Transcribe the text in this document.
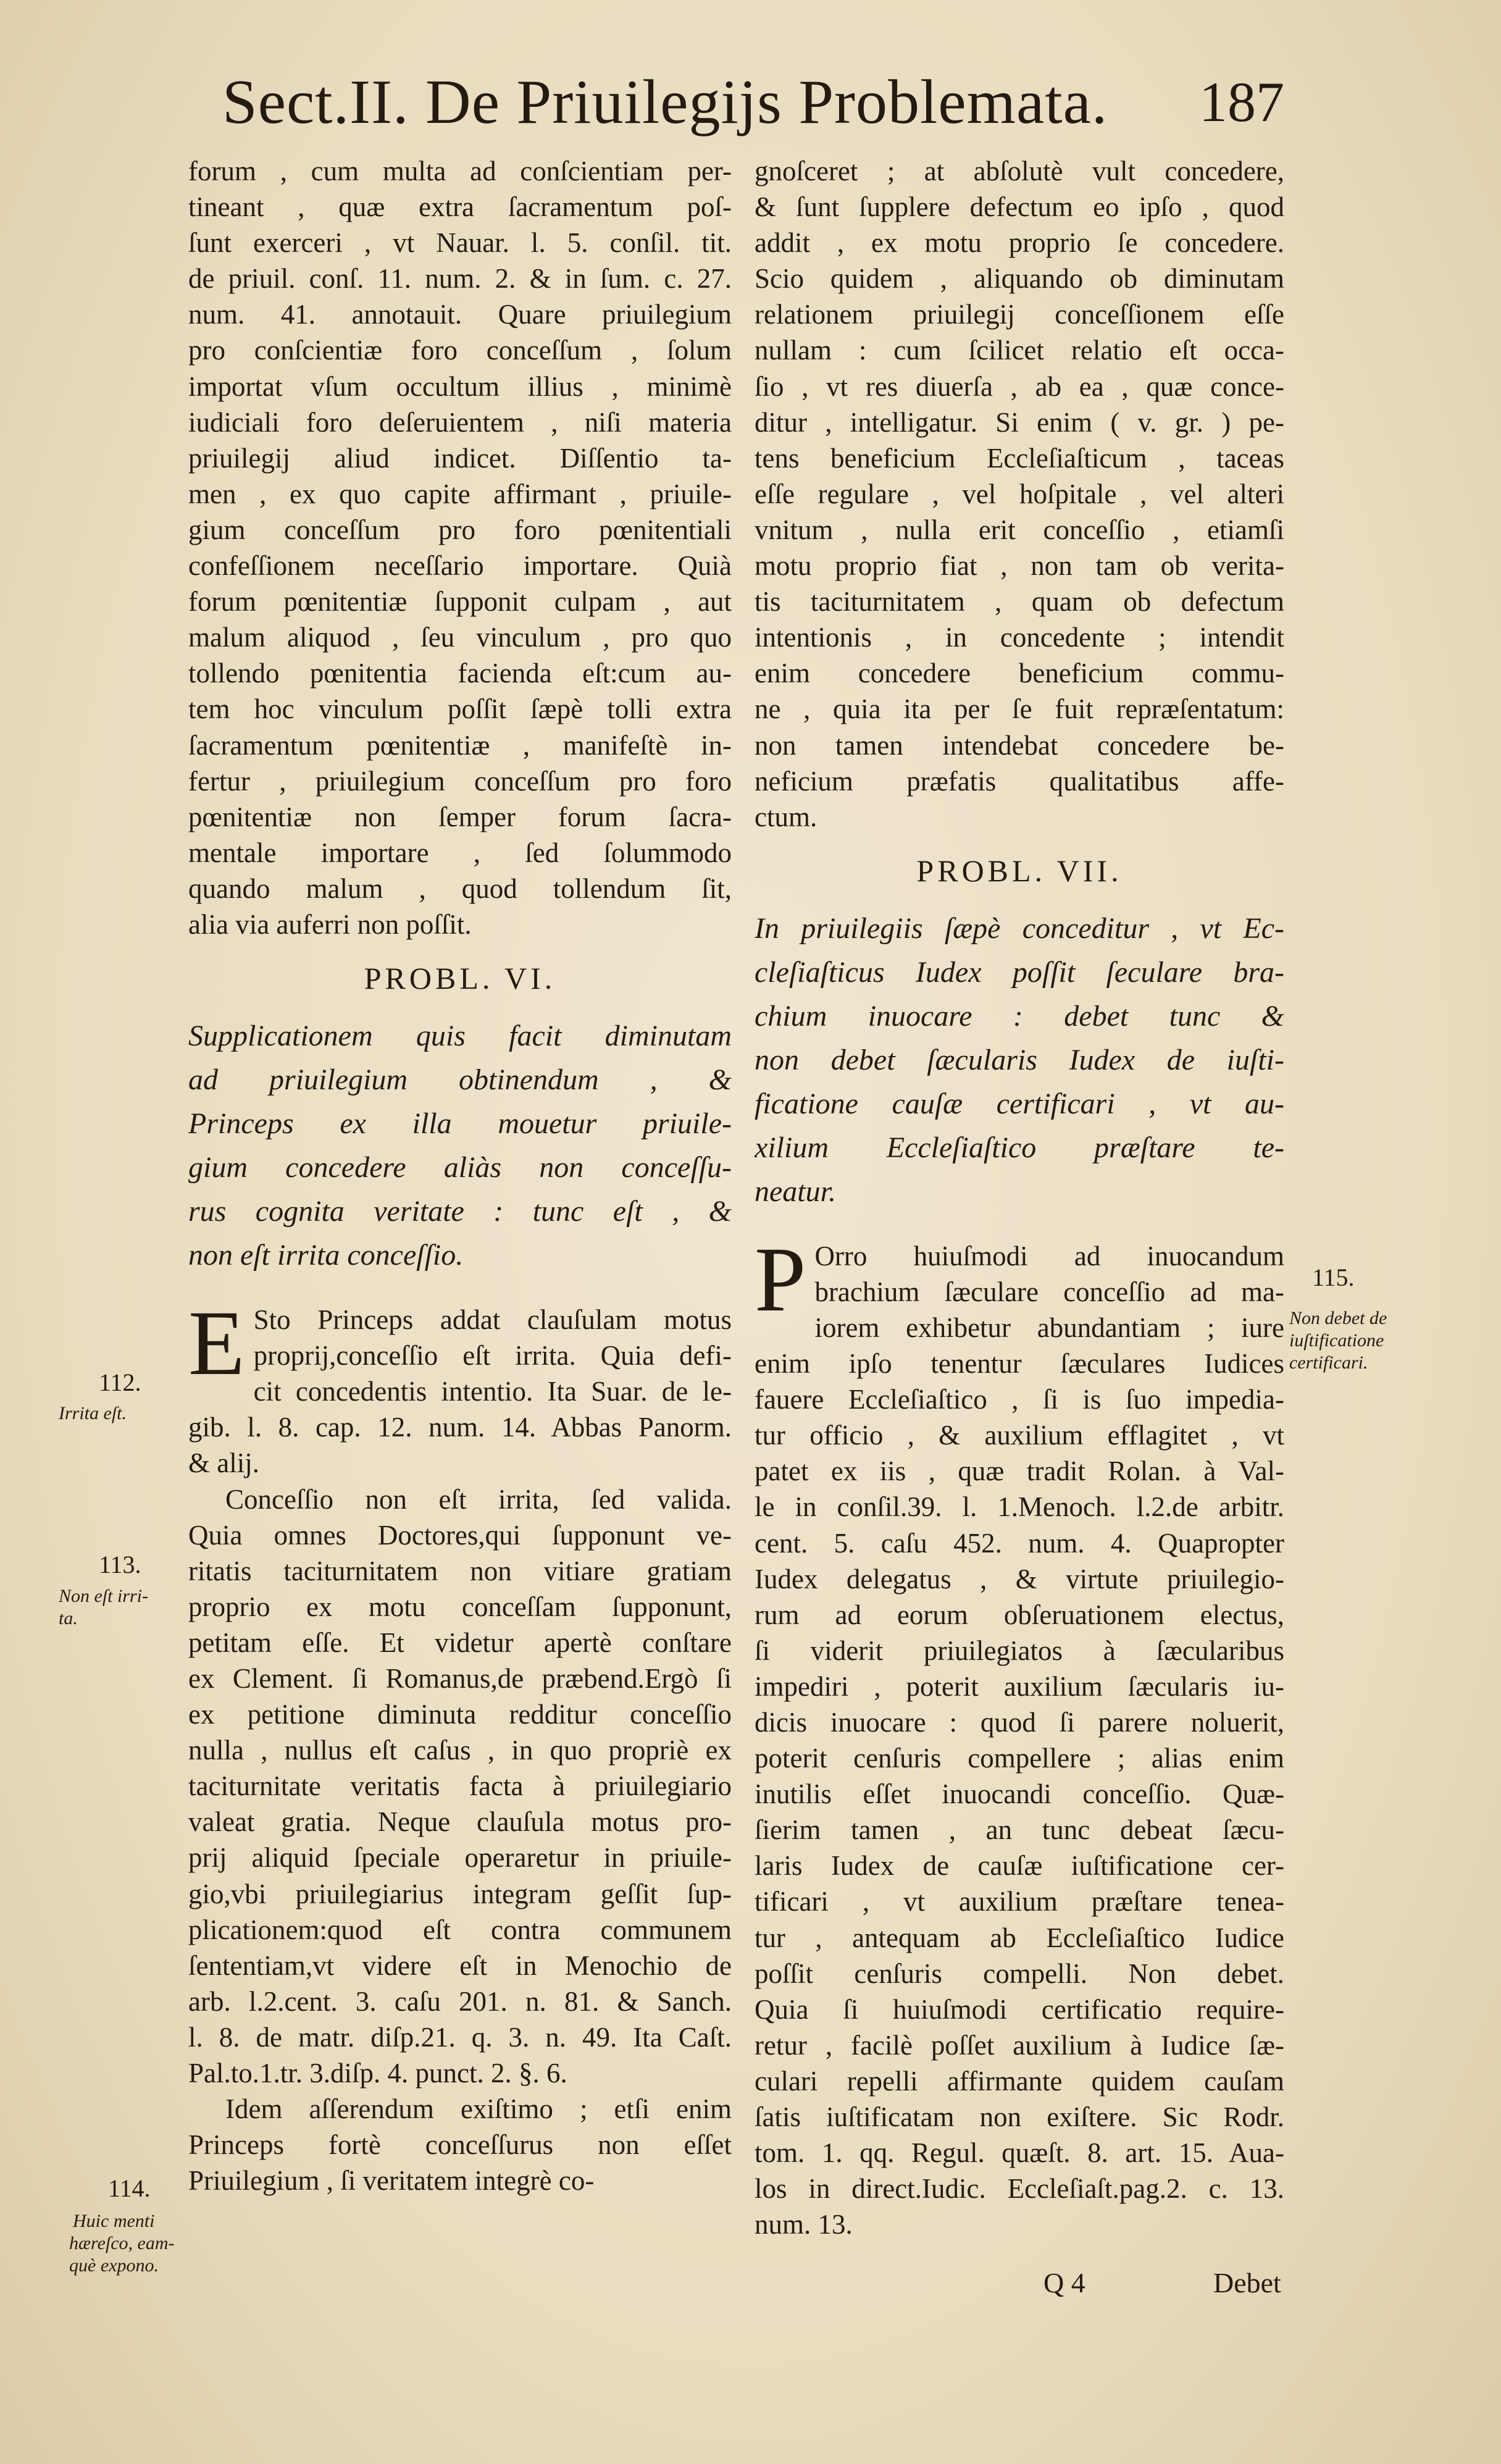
Sect.II. De Priuilegijs Problemata. 187

forum , cum multa ad conſcientiam per-

tineant , quæ extra ſacramentum poſ-

ſunt exerceri , vt Nauar. l. 5. conſil. tit.

de priuil. conſ. 11. num. 2. & in ſum. c. 27.

num. 41. annotauit. Quare priuilegium

pro conſcientiæ foro conceſſum , ſolum

importat vſum occultum illius , minimè

iudiciali foro deſeruientem , niſi materia

priuilegij aliud indicet. Diſſentio ta-

men , ex quo capite affirmant , priuile-

gium conceſſum pro foro pœnitentiali

confeſſionem neceſſario importare. Quià

forum pœnitentiæ ſupponit culpam , aut

malum aliquod , ſeu vinculum , pro quo

tollendo pœnitentia facienda eſt:cum au-

tem hoc vinculum poſſit ſæpè tolli extra

ſacramentum pœnitentiæ , manifeſtè in-

fertur , priuilegium conceſſum pro foro

pœnitentiæ non ſemper forum ſacra-

mentale importare , ſed ſolummodo

quando malum , quod tollendum ſit,

alia via auferri non poſſit.

PROBL. VI.

Supplicationem quis facit diminutam

ad priuilegium obtinendum , &

Princeps ex illa mouetur priuile-

gium concedere aliàs non conceſſu-

rus cognita veritate : tunc eſt , &

non eſt irrita conceſſio.

E Sto Princeps addat clauſulam motus

proprij,conceſſio eſt irrita. Quia defi-

cit concedentis intentio. Ita Suar. de le-

gib. l. 8. cap. 12. num. 14. Abbas Panorm.

& alij.

Conceſſio non eſt irrita, ſed valida.

Quia omnes Doctores,qui ſupponunt ve-

ritatis taciturnitatem non vitiare gratiam

proprio ex motu conceſſam ſupponunt,

petitam eſſe. Et videtur apertè conſtare

ex Clement. ſi Romanus,de præbend.Ergò ſi

ex petitione diminuta redditur conceſſio

nulla , nullus eſt caſus , in quo propriè ex

taciturnitate veritatis facta à priuilegiario

valeat gratia. Neque clauſula motus pro-

prij aliquid ſpeciale operaretur in priuile-

gio,vbi priuilegiarius integram geſſit ſup-

plicationem:quod eſt contra communem

ſententiam,vt videre eſt in Menochio de

arb. l.2.cent. 3. caſu 201. n. 81. & Sanch.

l. 8. de matr. diſp.21. q. 3. n. 49. Ita Caſt.

Pal.to.1.tr. 3.diſp. 4. punct. 2. §. 6.

Idem aſſerendum exiſtimo ; etſi enim

Princeps fortè conceſſurus non eſſet

Priuilegium , ſi veritatem integrè co-

gnoſceret ; at abſolutè vult concedere,

& ſunt ſupplere defectum eo ipſo , quod

addit , ex motu proprio ſe concedere.

Scio quidem , aliquando ob diminutam

relationem priuilegij conceſſionem eſſe

nullam : cum ſcilicet relatio eſt occa-

ſio , vt res diuerſa , ab ea , quæ conce-

ditur , intelligatur. Si enim ( v. gr. ) pe-

tens beneficium Eccleſiaſticum , taceas

eſſe regulare , vel hoſpitale , vel alteri

vnitum , nulla erit conceſſio , etiamſi

motu proprio fiat , non tam ob verita-

tis taciturnitatem , quam ob defectum

intentionis , in concedente ; intendit

enim concedere beneficium commu-

ne , quia ita per ſe fuit repræſentatum:

non tamen intendebat concedere be-

neficium præfatis qualitatibus affe-

ctum.

PROBL. VII.

In priuilegiis ſæpè conceditur , vt Ec-

cleſiaſticus Iudex poſſit ſeculare bra-

chium inuocare : debet tunc &

non debet ſæcularis Iudex de iuſti-

ficatione cauſæ certificari , vt au-

xilium Eccleſiaſtico præſtare te-

neatur.

P Orro huiuſmodi ad inuocandum

brachium ſæculare conceſſio ad ma-

iorem exhibetur abundantiam ; iure

enim ipſo tenentur ſæculares Iudices

fauere Eccleſiaſtico , ſi is ſuo impedia-

tur officio , & auxilium efflagitet , vt

patet ex iis , quæ tradit Rolan. à Val-

le in conſil.39. l. 1.Menoch. l.2.de arbitr.

cent. 5. caſu 452. num. 4. Quapropter

Iudex delegatus , & virtute priuilegio-

rum ad eorum obſeruationem electus,

ſi viderit priuilegiatos à ſæcularibus

impediri , poterit auxilium ſæcularis iu-

dicis inuocare : quod ſi parere noluerit,

poterit cenſuris compellere ; alias enim

inutilis eſſet inuocandi conceſſio. Quæ-

ſierim tamen , an tunc debeat ſæcu-

laris Iudex de cauſæ iuſtificatione cer-

tificari , vt auxilium præſtare tenea-

tur , antequam ab Eccleſiaſtico Iudice

poſſit cenſuris compelli. Non debet.

Quia ſi huiuſmodi certificatio require-

retur , facilè poſſet auxilium à Iudice ſæ-

culari repelli affirmante quidem cauſam

ſatis iuſtificatam non exiſtere. Sic Rodr.

tom. 1. qq. Regul. quæſt. 8. art. 15. Aua-

los in direct.Iudic. Eccleſiaſt.pag.2. c. 13.

num. 13.

112.
Irrita eſt.
113.
Non eſt irri-
ta.
114.
Huic menti
hæreſco, eam-
què expono.
115.
Non debet de
iuſtificatione
certificari.
Q 4	Debet
